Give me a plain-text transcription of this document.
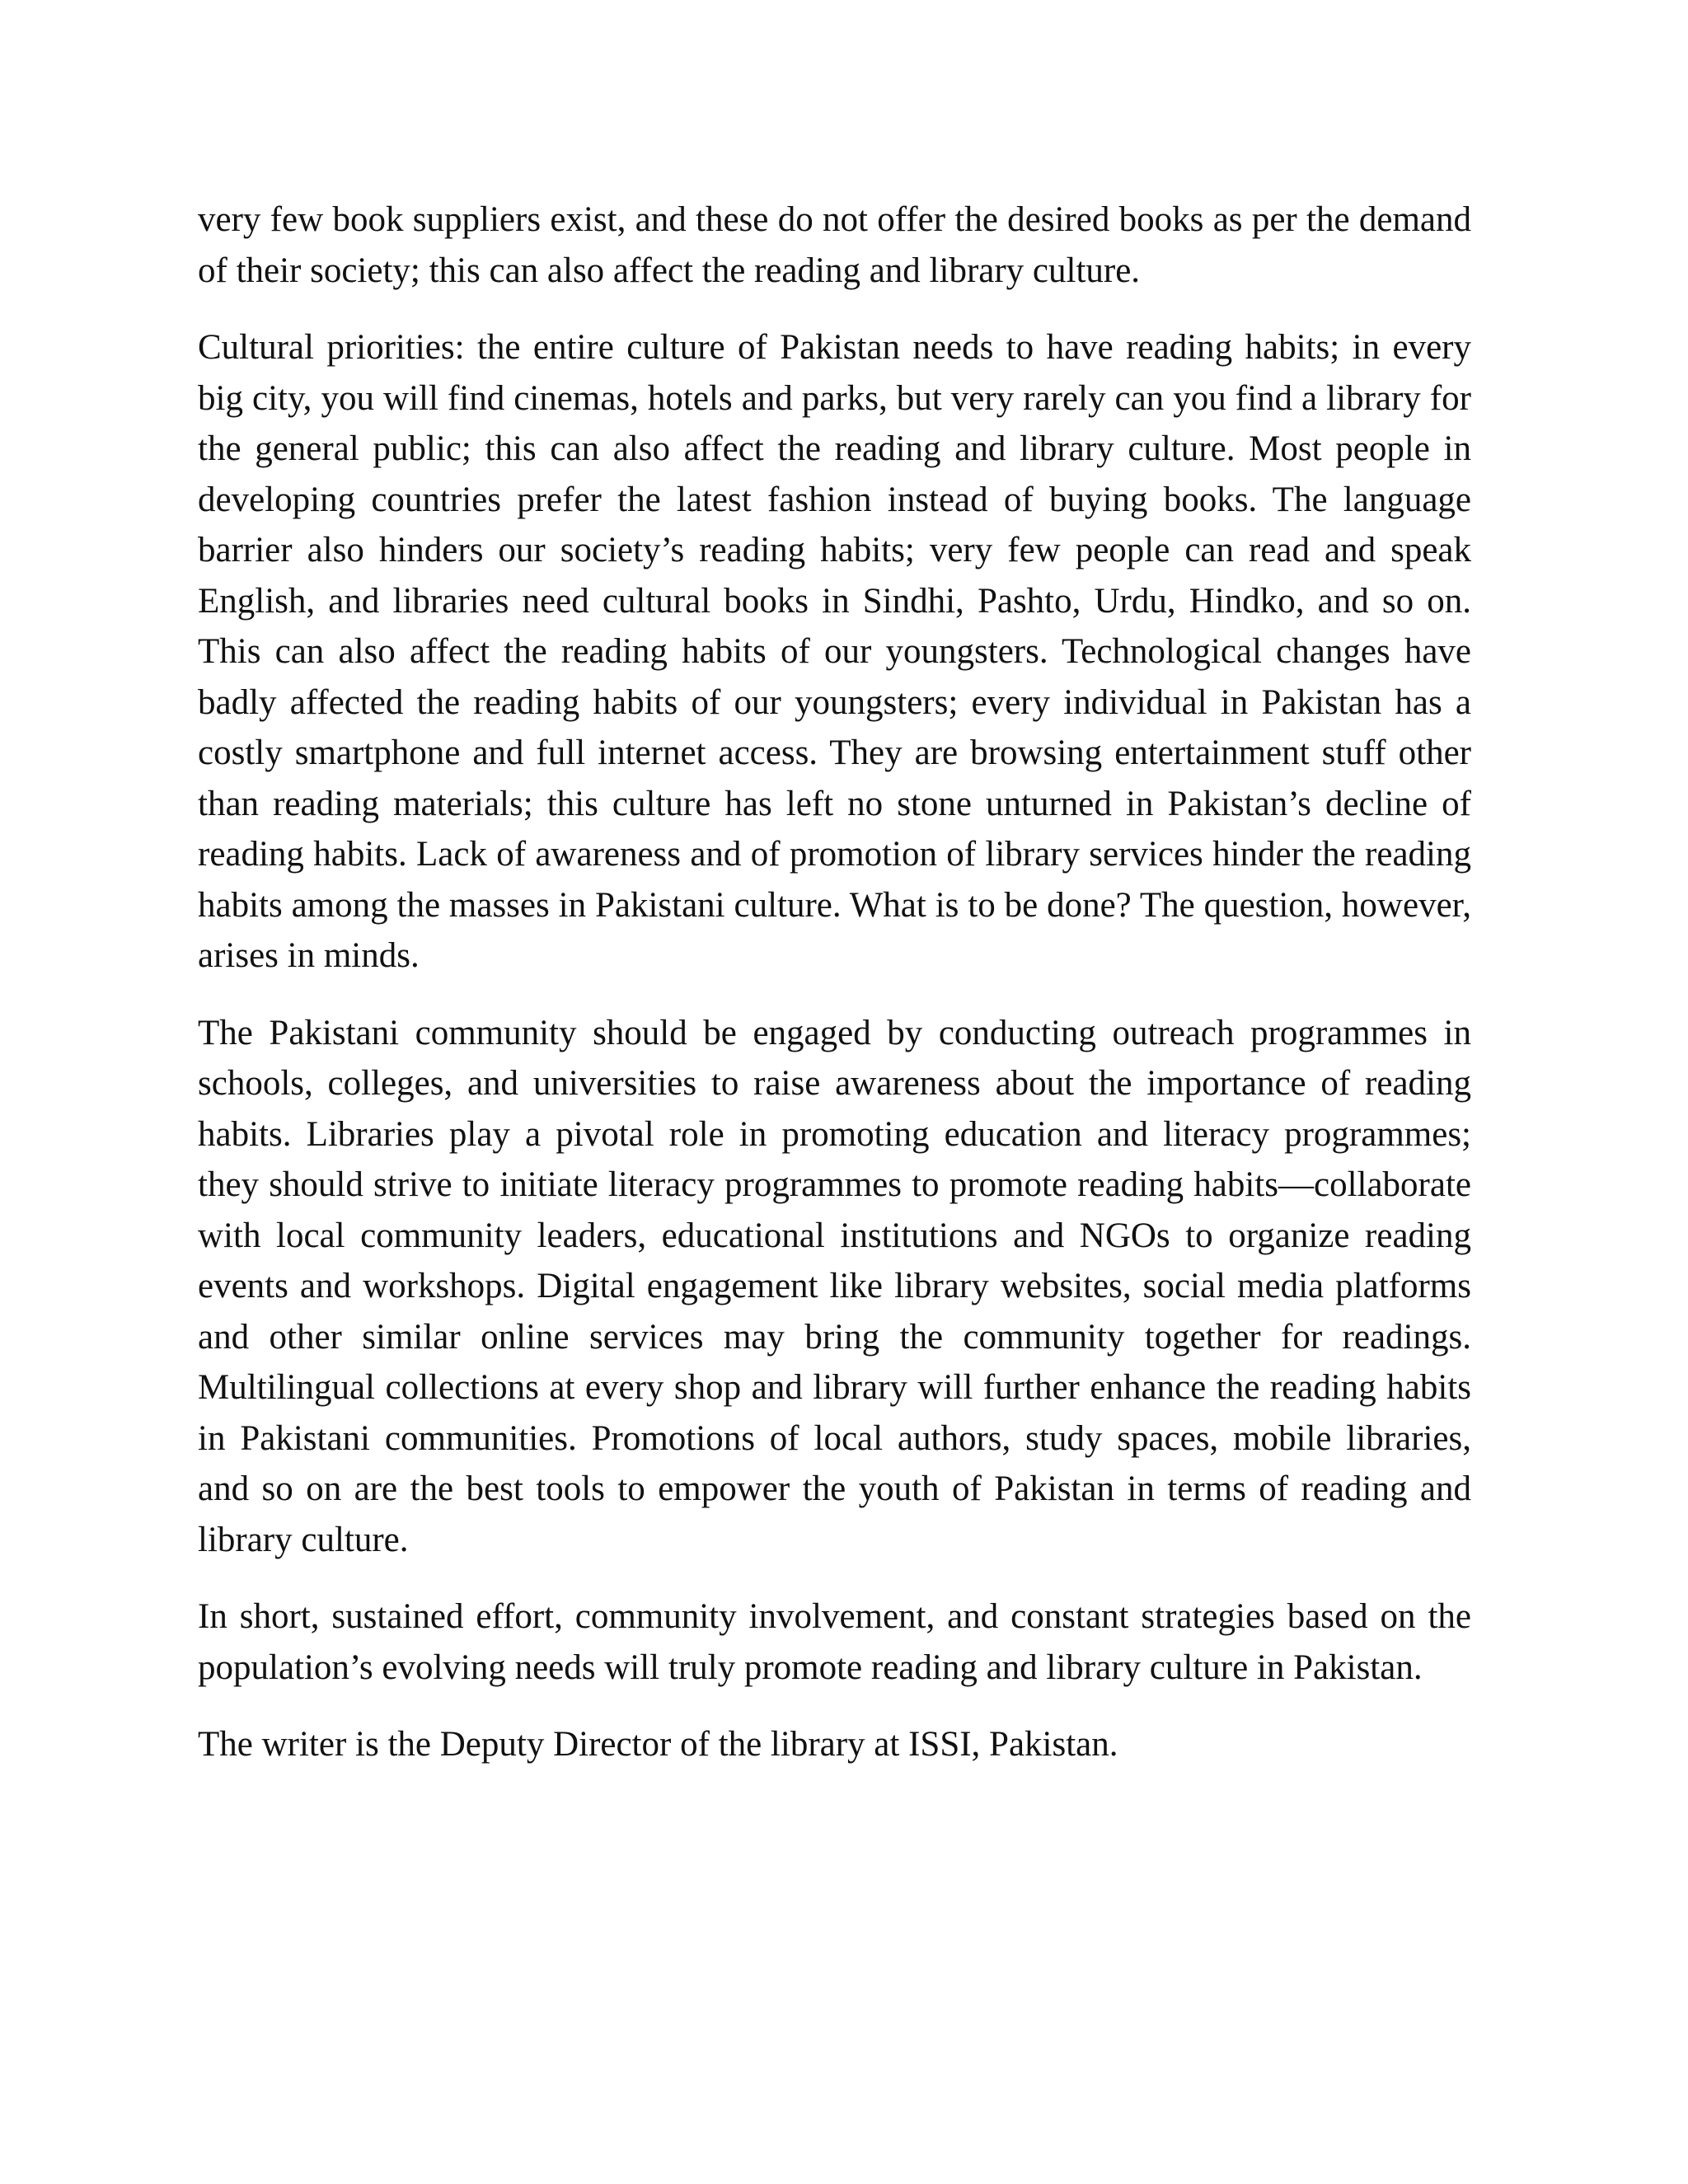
very few book suppliers exist, and these do not offer the desired books as per the demand of their society; this can also affect the reading and library culture.

Cultural priorities: the entire culture of Pakistan needs to have reading habits; in every big city, you will find cinemas, hotels and parks, but very rarely can you find a library for the general public; this can also affect the reading and library culture. Most people in developing countries prefer the latest fashion instead of buying books. The language barrier also hinders our society’s reading habits; very few people can read and speak English, and libraries need cultural books in Sindhi, Pashto, Urdu, Hindko, and so on. This can also affect the reading habits of our youngsters. Technological changes have badly affected the reading habits of our youngsters; every individual in Pakistan has a costly smartphone and full internet access. They are browsing entertainment stuff other than reading materials; this culture has left no stone unturned in Pakistan’s decline of reading habits. Lack of awareness and of promotion of library services hinder the reading habits among the masses in Pakistani culture. What is to be done? The question, however, arises in minds.

The Pakistani community should be engaged by conducting outreach programmes in schools, colleges, and universities to raise awareness about the importance of reading habits. Libraries play a pivotal role in promoting education and literacy programmes; they should strive to initiate literacy programmes to promote reading habits—collaborate with local community leaders, educational institutions and NGOs to organize reading events and workshops. Digital engagement like library websites, social media platforms and other similar online services may bring the community together for readings. Multilingual collections at every shop and library will further enhance the reading habits in Pakistani communities. Promotions of local authors, study spaces, mobile libraries, and so on are the best tools to empower the youth of Pakistan in terms of reading and library culture.

In short, sustained effort, community involvement, and constant strategies based on the population’s evolving needs will truly promote reading and library culture in Pakistan.

The writer is the Deputy Director of the library at ISSI, Pakistan.
